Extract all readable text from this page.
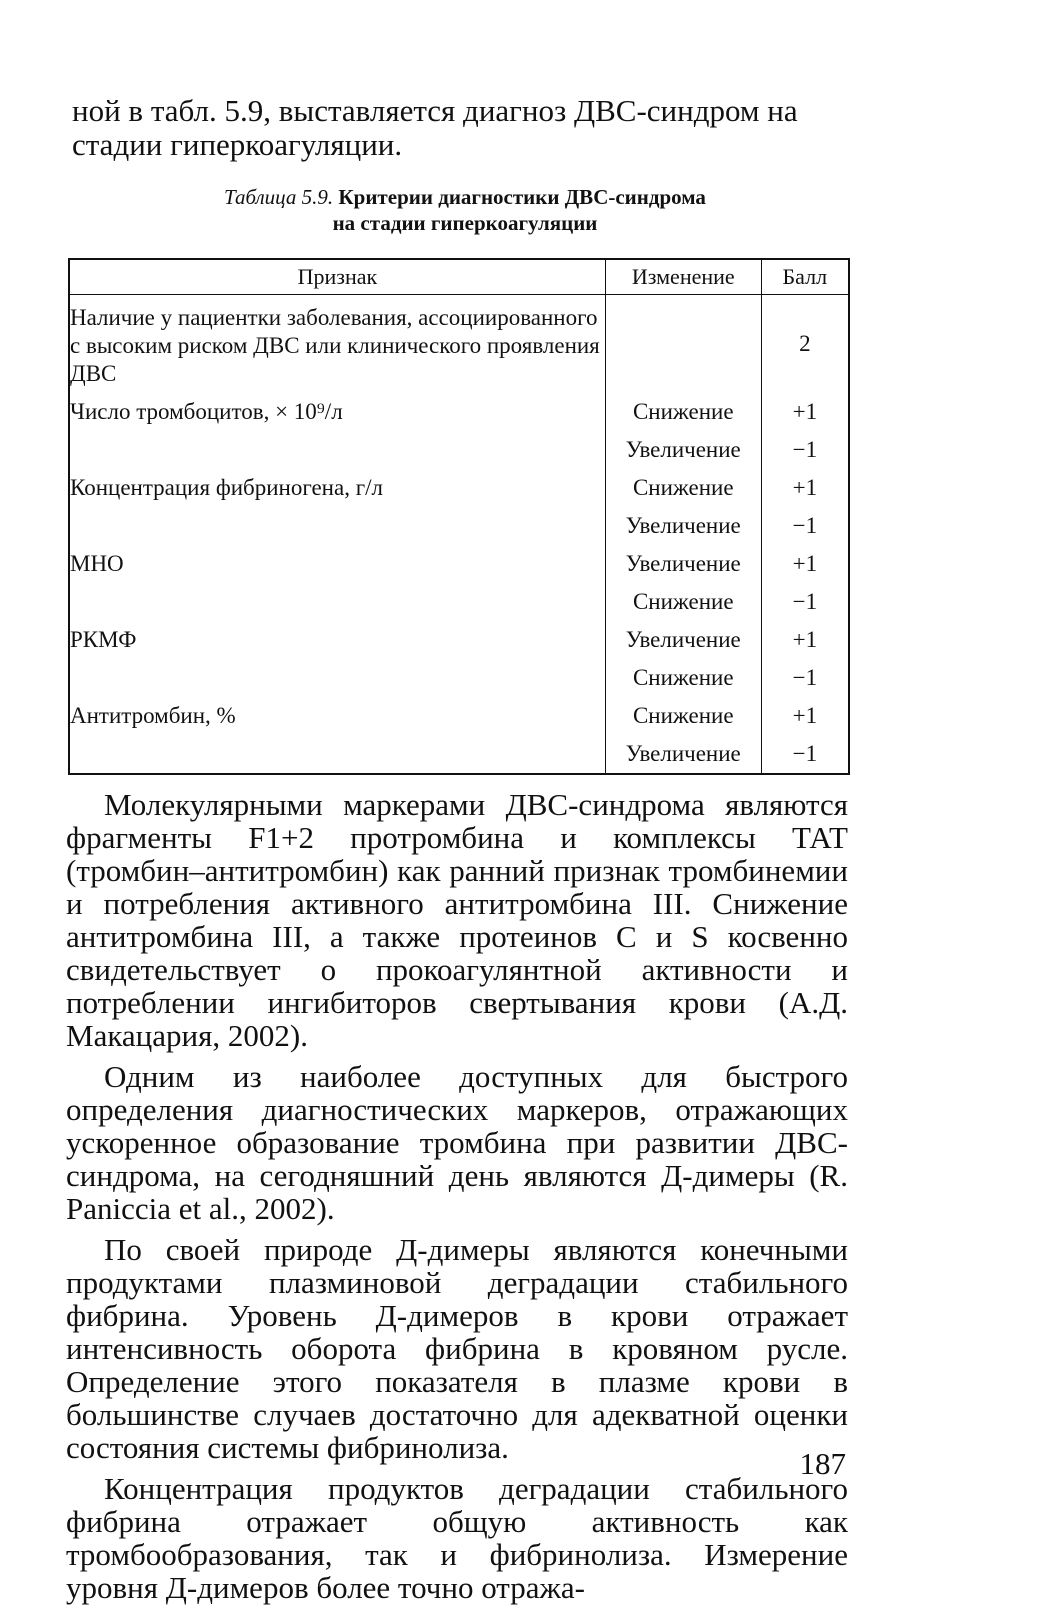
ной в табл. 5.9, выставляется диагноз ДВС-синдром на стадии гиперкоагуляции.

Таблица 5.9. Критерии диагностики ДВС-синдрома
на стадии гиперкоагуляции
Признак	Изменение	Балл
Наличие у пациентки заболевания, ассоциированного с высоким риском ДВС или клинического проявления ДВС		2
Число тромбоцитов, × 10⁹/л	Снижение	+1
	Увеличение	−1
Концентрация фибриногена, г/л	Снижение	+1
	Увеличение	−1
МНО	Увеличение	+1
	Снижение	−1
РКМФ	Увеличение	+1
	Снижение	−1
Антитромбин, %	Снижение	+1
	Увеличение	−1

Молекулярными маркерами ДВС-синдрома являются фрагменты F1+2 протромбина и комплексы ТАТ (тромбин–антитромбин) как ранний признак тромбинемии и потребления активного антитромбина III. Снижение антитромбина III, а также протеинов С и S косвенно свидетельствует о прокоагулянтной активности и потреблении ингибиторов свертывания крови (А.Д. Макацария, 2002).

Одним из наиболее доступных для быстрого определения диагностических маркеров, отражающих ускоренное образование тромбина при развитии ДВС-синдрома, на сегодняшний день являются Д-димеры (R. Paniccia et al., 2002).

По своей природе Д-димеры являются конечными продуктами плазминовой деградации стабильного фибрина. Уровень Д-димеров в крови отражает интенсивность оборота фибрина в кровяном русле. Определение этого показателя в плазме крови в большинстве случаев достаточно для адекватной оценки состояния системы фибринолиза.

Концентрация продуктов деградации стабильного фибрина отражает общую активность как тромбообразования, так и фибринолиза. Измерение уровня Д-димеров более точно отража-

187
